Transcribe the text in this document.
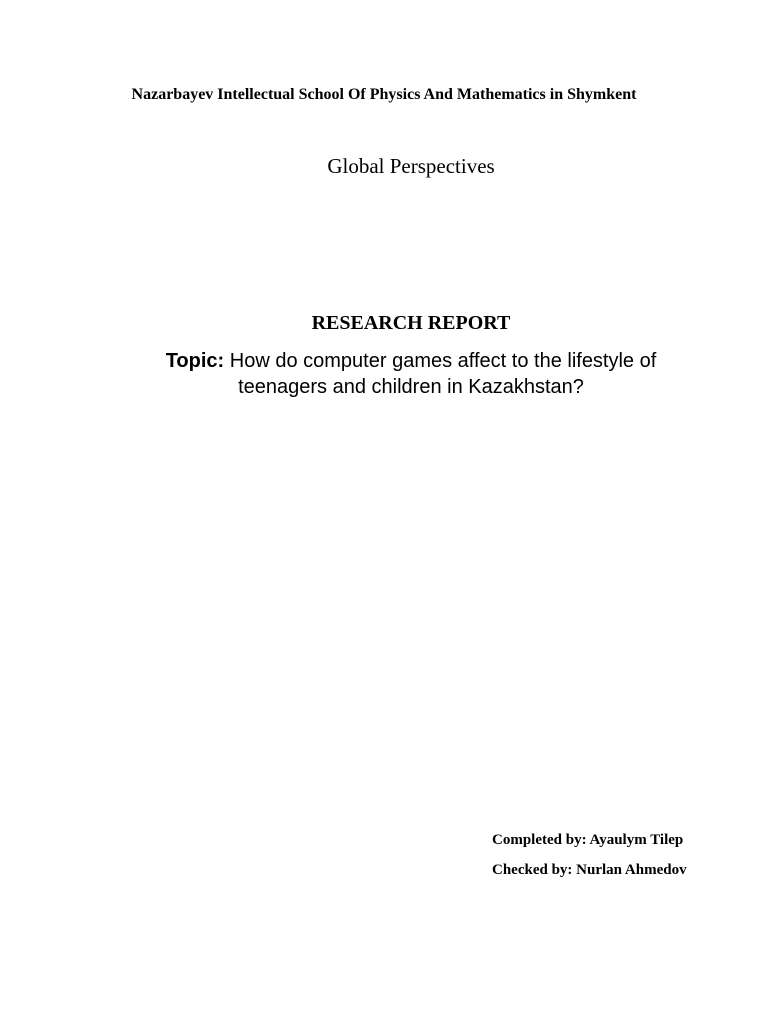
Nazarbayev Intellectual School Of Physics And Mathematics in Shymkent
Global Perspectives
RESEARCH REPORT
Topic: How do computer games affect to the lifestyle of
teenagers and children in Kazakhstan?
Completed by: Ayaulym Tilep
Checked by: Nurlan Ahmedov
